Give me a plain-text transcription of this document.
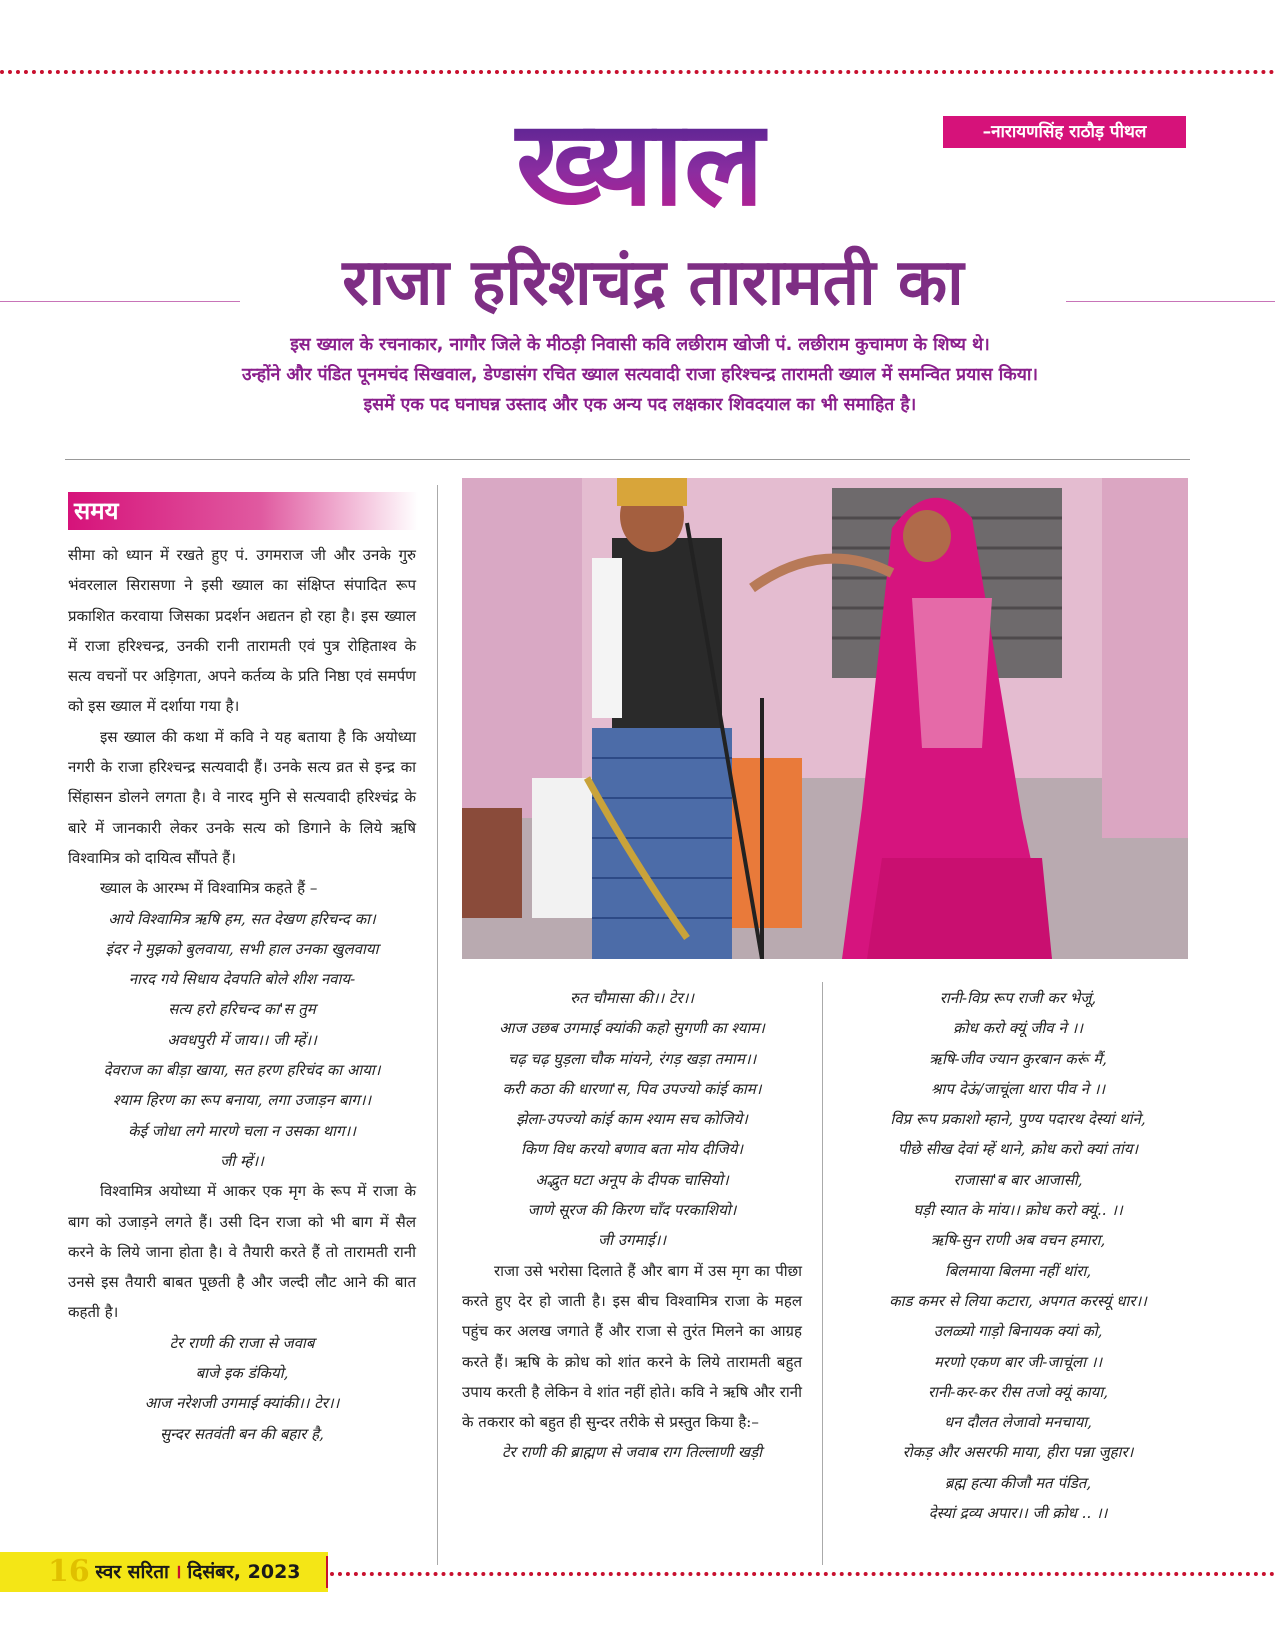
ख्याल	–नारायणसिंह राठौड़ पीथल
राजा हरिशचंद्र तारामती का
इस ख्याल के रचनाकार, नागौर जिले के मीठड़ी निवासी कवि लछीराम खोजी पं. लछीराम कुचामण के शिष्य थे।
उन्होंने और पंडित पूनमचंद सिखवाल, डेण्डासंग रचित ख्याल सत्यवादी राजा हरिश्चन्द्र तारामती ख्याल में समन्वित प्रयास किया।
इसमें एक पद घनाघन्न उस्ताद और एक अन्य पद लक्षकार शिवदयाल का भी समाहित है।
समय

सीमा को ध्यान में रखते हुए पं. उगमराज जी और उनके गुरु भंवरलाल सिरासणा ने इसी ख्याल का संक्षिप्त संपादित रूप प्रकाशित करवाया जिसका प्रदर्शन अद्यतन हो रहा है। इस ख्याल में राजा हरिश्चन्द्र, उनकी रानी तारामती एवं पुत्र रोहिताश्व के सत्य वचनों पर अड़िगता, अपने कर्तव्य के प्रति निष्ठा एवं समर्पण को इस ख्याल में दर्शाया गया है।

इस ख्याल की कथा में कवि ने यह बताया है कि अयोध्या नगरी के राजा हरिश्चन्द्र सत्यवादी हैं। उनके सत्य व्रत से इन्द्र का सिंहासन डोलने लगता है। वे नारद मुनि से सत्यवादी हरिश्चंद्र के बारे में जानकारी लेकर उनके सत्य को डिगाने के लिये ऋषि विश्वामित्र को दायित्व सौंपते हैं।

ख्याल के आरम्भ में विश्वामित्र कहते हैं –

आये विश्वामित्र ऋषि हम, सत देखण हरिचन्द का।
इंदर ने मुझको बुलवाया, सभी हाल उनका खुलवाया
नारद गये सिधाय देवपति बोले शीश नवाय-
सत्य हरो हरिचन्द का'स तुम
अवधपुरी में जाय।। जी म्हें।।
देवराज का बीड़ा खाया, सत हरण हरिचंद का आया।
श्याम हिरण का रूप बनाया, लगा उजाड़न बाग।।
केई जोधा लगे मारणे चला न उसका थाग।।
जी म्हें।।

विश्वामित्र अयोध्या में आकर एक मृग के रूप में राजा के बाग को उजाड़ने लगते हैं। उसी दिन राजा को भी बाग में सैल करने के लिये जाना होता है। वे तैयारी करते हैं तो तारामती रानी उनसे इस तैयारी बाबत पूछती है और जल्दी लौट आने की बात कहती है।

टेर राणी की राजा से जवाब
बाजे इक डंकियो,
आज नरेशजी उगमाई क्यांकी।। टेर।।
सुन्दर सतवंती बन की बहार है,
रुत चौमासा की।। टेर।।
आज उछब उगमाई क्यांकी कहो सुगणी का श्याम।
चढ़ चढ़ घुड़ला चौक मांयने, रंगड़ खड़ा तमाम।।
करी कठा की धारणा'स, पिव उपज्यो कांई काम।
झेला-उपज्यो कांई काम श्याम सच कोजिये।
किण विध करयो बणाव बता मोय दीजिये।
अद्भुत घटा अनूप के दीपक चासियो।
जाणे सूरज की किरण चाँद परकाशियो।
जी उगमाई।।

राजा उसे भरोसा दिलाते हैं और बाग में उस मृग का पीछा करते हुए देर हो जाती है। इस बीच विश्वामित्र राजा के महल पहुंच कर अलख जगाते हैं और राजा से तुरंत मिलने का आग्रह करते हैं। ऋषि के क्रोध को शांत करने के लिये तारामती बहुत उपाय करती है लेकिन वे शांत नहीं होते। कवि ने ऋषि और रानी के तकरार को बहुत ही सुन्दर तरीके से प्रस्तुत किया है:–

टेर राणी की ब्राह्मण से जवाब राग तिल्लाणी खड़ी
रानी-विप्र रूप राजी कर भेजूं,
क्रोध करो क्यूं जीव ने ।।
ऋषि-जीव ज्यान कुरबान करूं मैं,
श्राप देऊं/जाचूंला थारा पीव ने ।।
विप्र रूप प्रकाशो म्हाने, पुण्य पदारथ देस्यां थांने,
पीछे सीख देवां म्हें थाने, क्रोध करो क्यां तांय।
राजासा'ब बार आजासी,
घड़ी स्यात के मांय।। क्रोध करो क्यूं.. ।।
ऋषि-सुन राणी अब वचन हमारा,
बिलमाया बिलमा नहीं थांरा,
काड कमर से लिया कटारा, अपगत करस्यूं धार।।
उलळ्यो गाड़ो बिनायक क्यां को,
मरणो एकण बार जी-जाचूंला ।।
रानी-कर-कर रीस तजो क्यूं काया,
धन दौलत लेजावो मनचाया,
रोकड़ और असरफी माया, हीरा पन्ना जुहार।
ब्रह्म हत्या कीजौ मत पंडित,
देस्यां द्रव्य अपार।। जी क्रोध .. ।।
16 स्वर सरिता । दिसंबर, 2023
